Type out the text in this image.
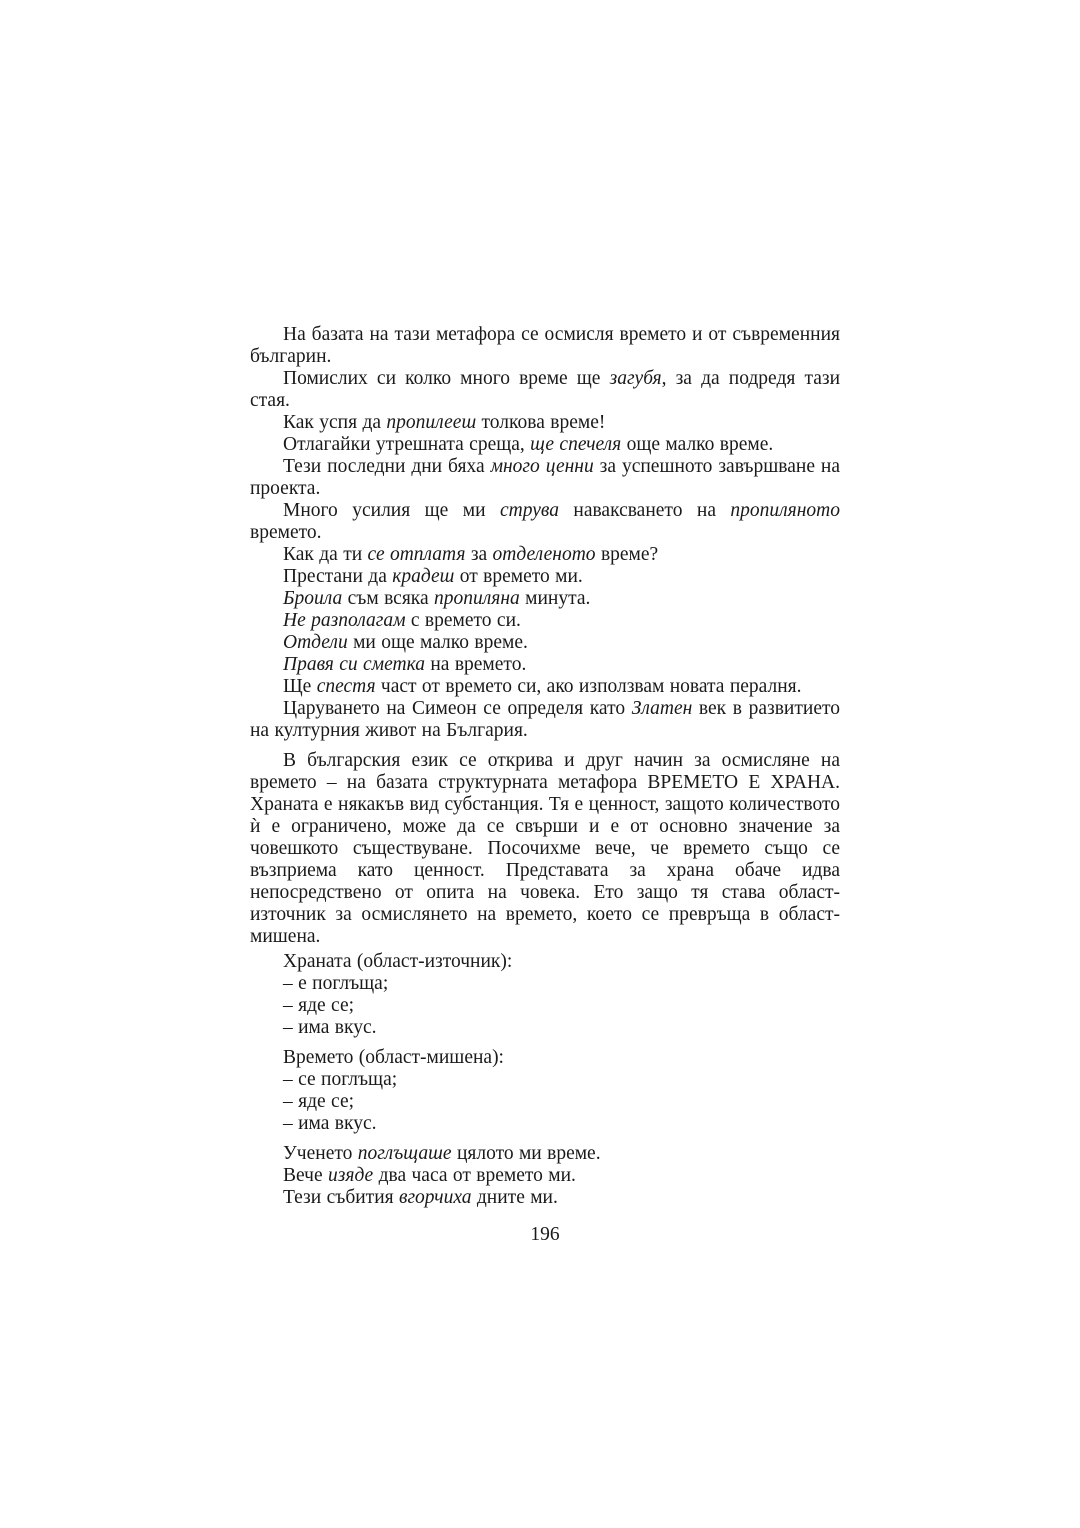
На базата на тази метафора се осмисля времето и от съвременния българин.

Помислих си колко много време ще загубя, за да подредя тази стая.

Как успя да пропилееш толкова време!

Отлагайки утрешната среща, ще спечеля още малко време.

Тези последни дни бяха много ценни за успешното завършване на проекта.

Много усилия ще ми струва наваксването на пропиляното времето.

Как да ти се отплатя за отделеното време?

Престани да крадеш от времето ми.

Броила съм всяка пропиляна минута.

Не разполагам с времето си.

Отдели ми още малко време.

Правя си сметка на времето.

Ще спестя част от времето си, ако използвам новата пералня.

Царуването на Симеон се определя като Златен век в развитието на културния живот на България.

В българския език се открива и друг начин за осмисляне на времето – на базата структурната метафора ВРЕМЕТО Е ХРАНА. Храната е някакъв вид субстанция. Тя е ценност, защото количеството ѝ е ограничено, може да се свърши и е от основно значение за човешкото съществуване. Посочихме вече, че времето също се възприема като ценност. Представата за храна обаче идва непосредствено от опита на човека. Ето защо тя става област-източник за осмислянето на времето, което се превръща в област-мишена.

Храната (област-източник):

– е поглъща;

– яде се;

– има вкус.

Времето (област-мишена):

– се поглъща;

– яде се;

– има вкус.

Ученето поглъщаше цялото ми време.

Вече изяде два часа от времето ми.

Тези събития вгорчиха дните ми.

196
